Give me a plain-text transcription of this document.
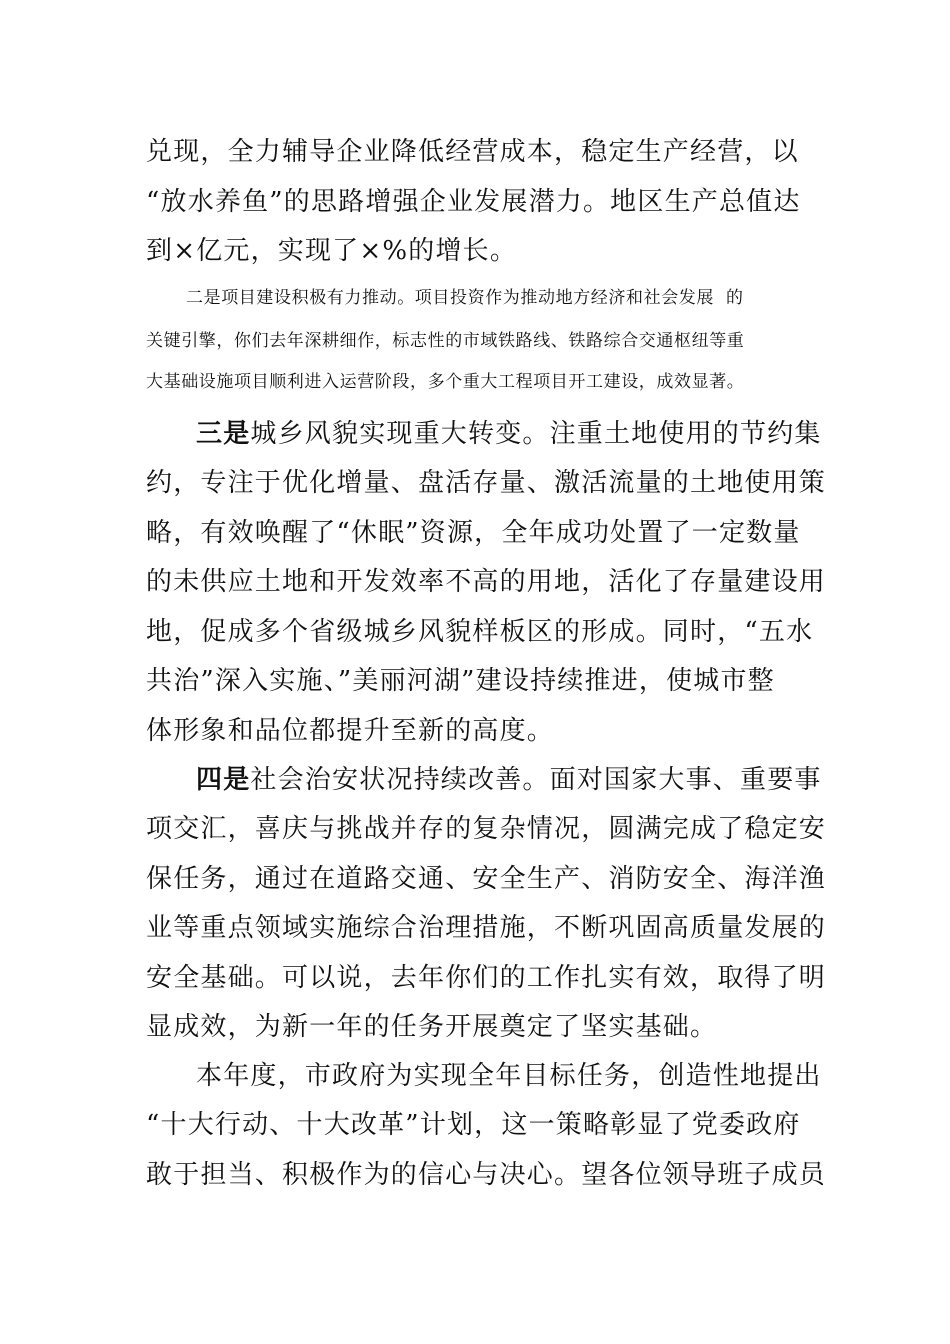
兑现，全力辅导企业降低经营成本，稳定生产经营，以
“放水养鱼”的思路增强企业发展潜力。地区生产总值达
到×亿元，实现了×%的增长。
二是项目建设积极有力推动。项目投资作为推动地方经济和社会发展  的
关键引擎，你们去年深耕细作，标志性的市域铁路线、铁路综合交通枢纽等重
大基础设施项目顺利进入运营阶段，多个重大工程项目开工建设，成效显著。
三是城乡风貌实现重大转变。注重土地使用的节约集
约，专注于优化增量、盘活存量、激活流量的土地使用策
略，有效唤醒了“休眠”资源，全年成功处置了一定数量
的未供应土地和开发效率不高的用地，活化了存量建设用
地，促成多个省级城乡风貌样板区的形成。同时，“五水
共治”深入实施、”美丽河湖”建设持续推进，使城市整
体形象和品位都提升至新的高度。
四是社会治安状况持续改善。面对国家大事、重要事
项交汇，喜庆与挑战并存的复杂情况，圆满完成了稳定安
保任务，通过在道路交通、安全生产、消防安全、海洋渔
业等重点领域实施综合治理措施，不断巩固高质量发展的
安全基础。可以说，去年你们的工作扎实有效，取得了明
显成效，为新一年的任务开展奠定了坚实基础。
本年度，市政府为实现全年目标任务，创造性地提出
“十大行动、十大改革”计划，这一策略彰显了党委政府
敢于担当、积极作为的信心与决心。望各位领导班子成员
